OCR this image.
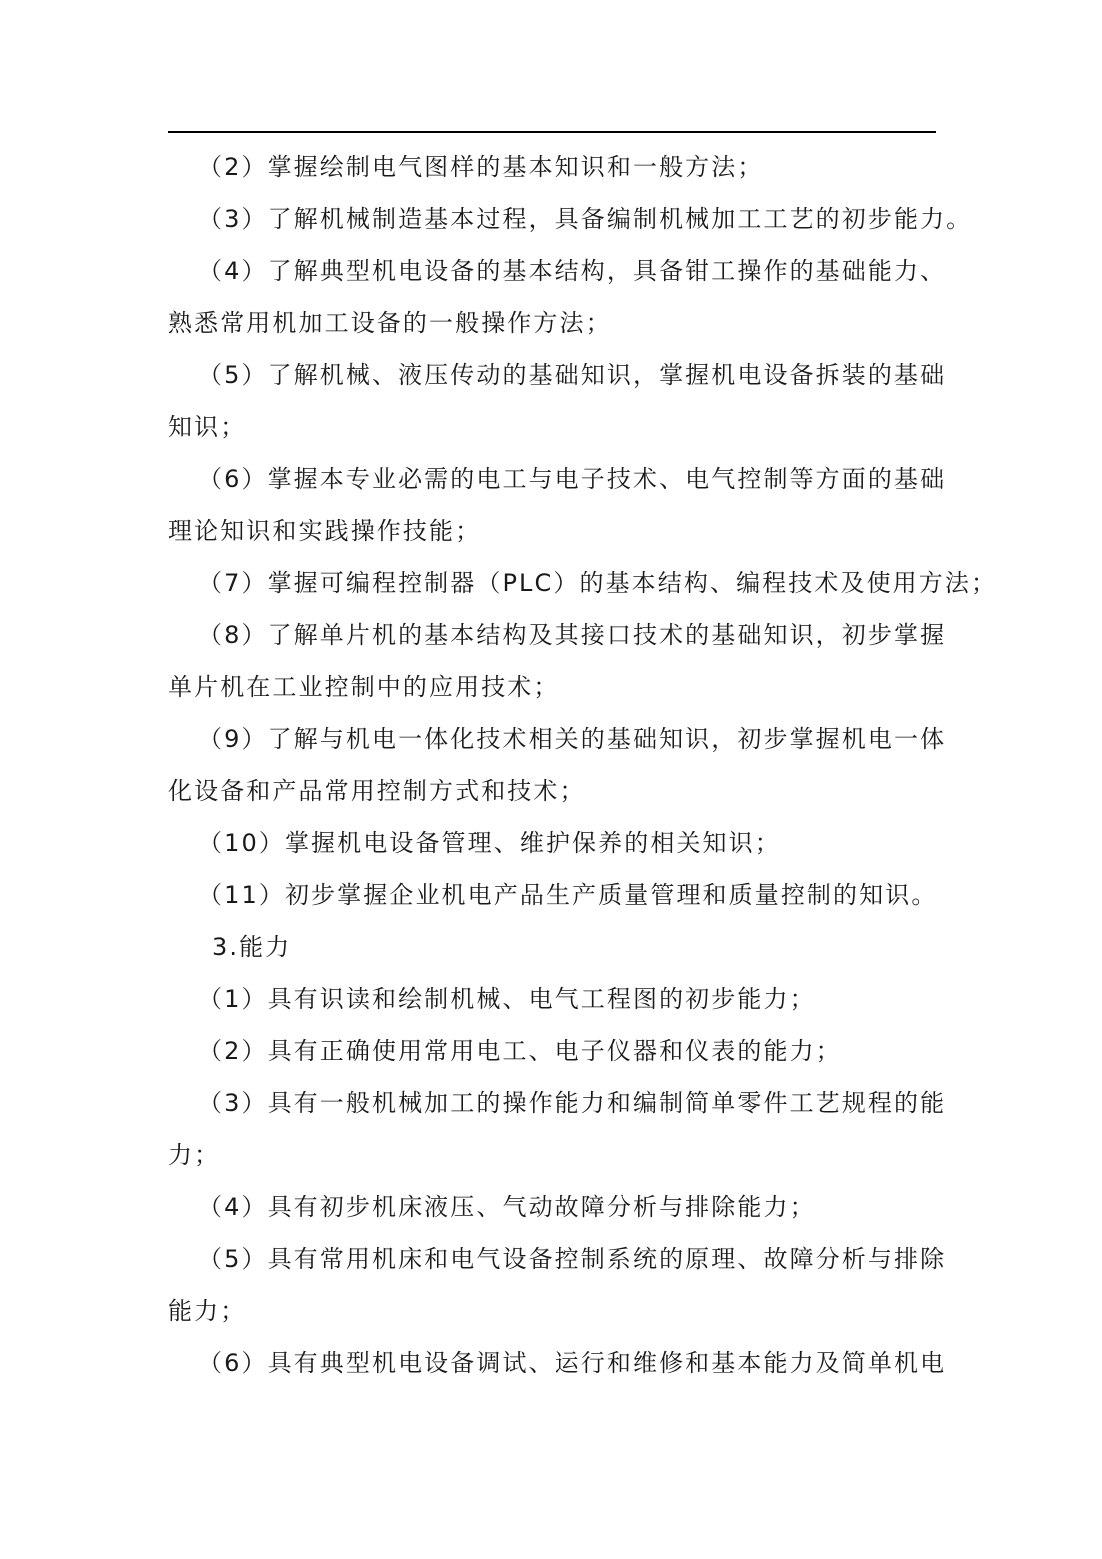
（2）掌握绘制电气图样的基本知识和一般方法；
（3）了解机械制造基本过程，具备编制机械加工工艺的初步能力。
（4）了解典型机电设备的基本结构，具备钳工操作的基础能力、
熟悉常用机加工设备的一般操作方法；
（5）了解机械、液压传动的基础知识，掌握机电设备拆装的基础
知识；
（6）掌握本专业必需的电工与电子技术、电气控制等方面的基础
理论知识和实践操作技能；
（7）掌握可编程控制器（PLC）的基本结构、编程技术及使用方法；
（8）了解单片机的基本结构及其接口技术的基础知识，初步掌握
单片机在工业控制中的应用技术；
（9）了解与机电一体化技术相关的基础知识，初步掌握机电一体
化设备和产品常用控制方式和技术；
（10）掌握机电设备管理、维护保养的相关知识；
（11）初步掌握企业机电产品生产质量管理和质量控制的知识。
3.能力
（1）具有识读和绘制机械、电气工程图的初步能力；
（2）具有正确使用常用电工、电子仪器和仪表的能力；
（3）具有一般机械加工的操作能力和编制简单零件工艺规程的能
力；
（4）具有初步机床液压、气动故障分析与排除能力；
（5）具有常用机床和电气设备控制系统的原理、故障分析与排除
能力；
（6）具有典型机电设备调试、运行和维修和基本能力及简单机电
